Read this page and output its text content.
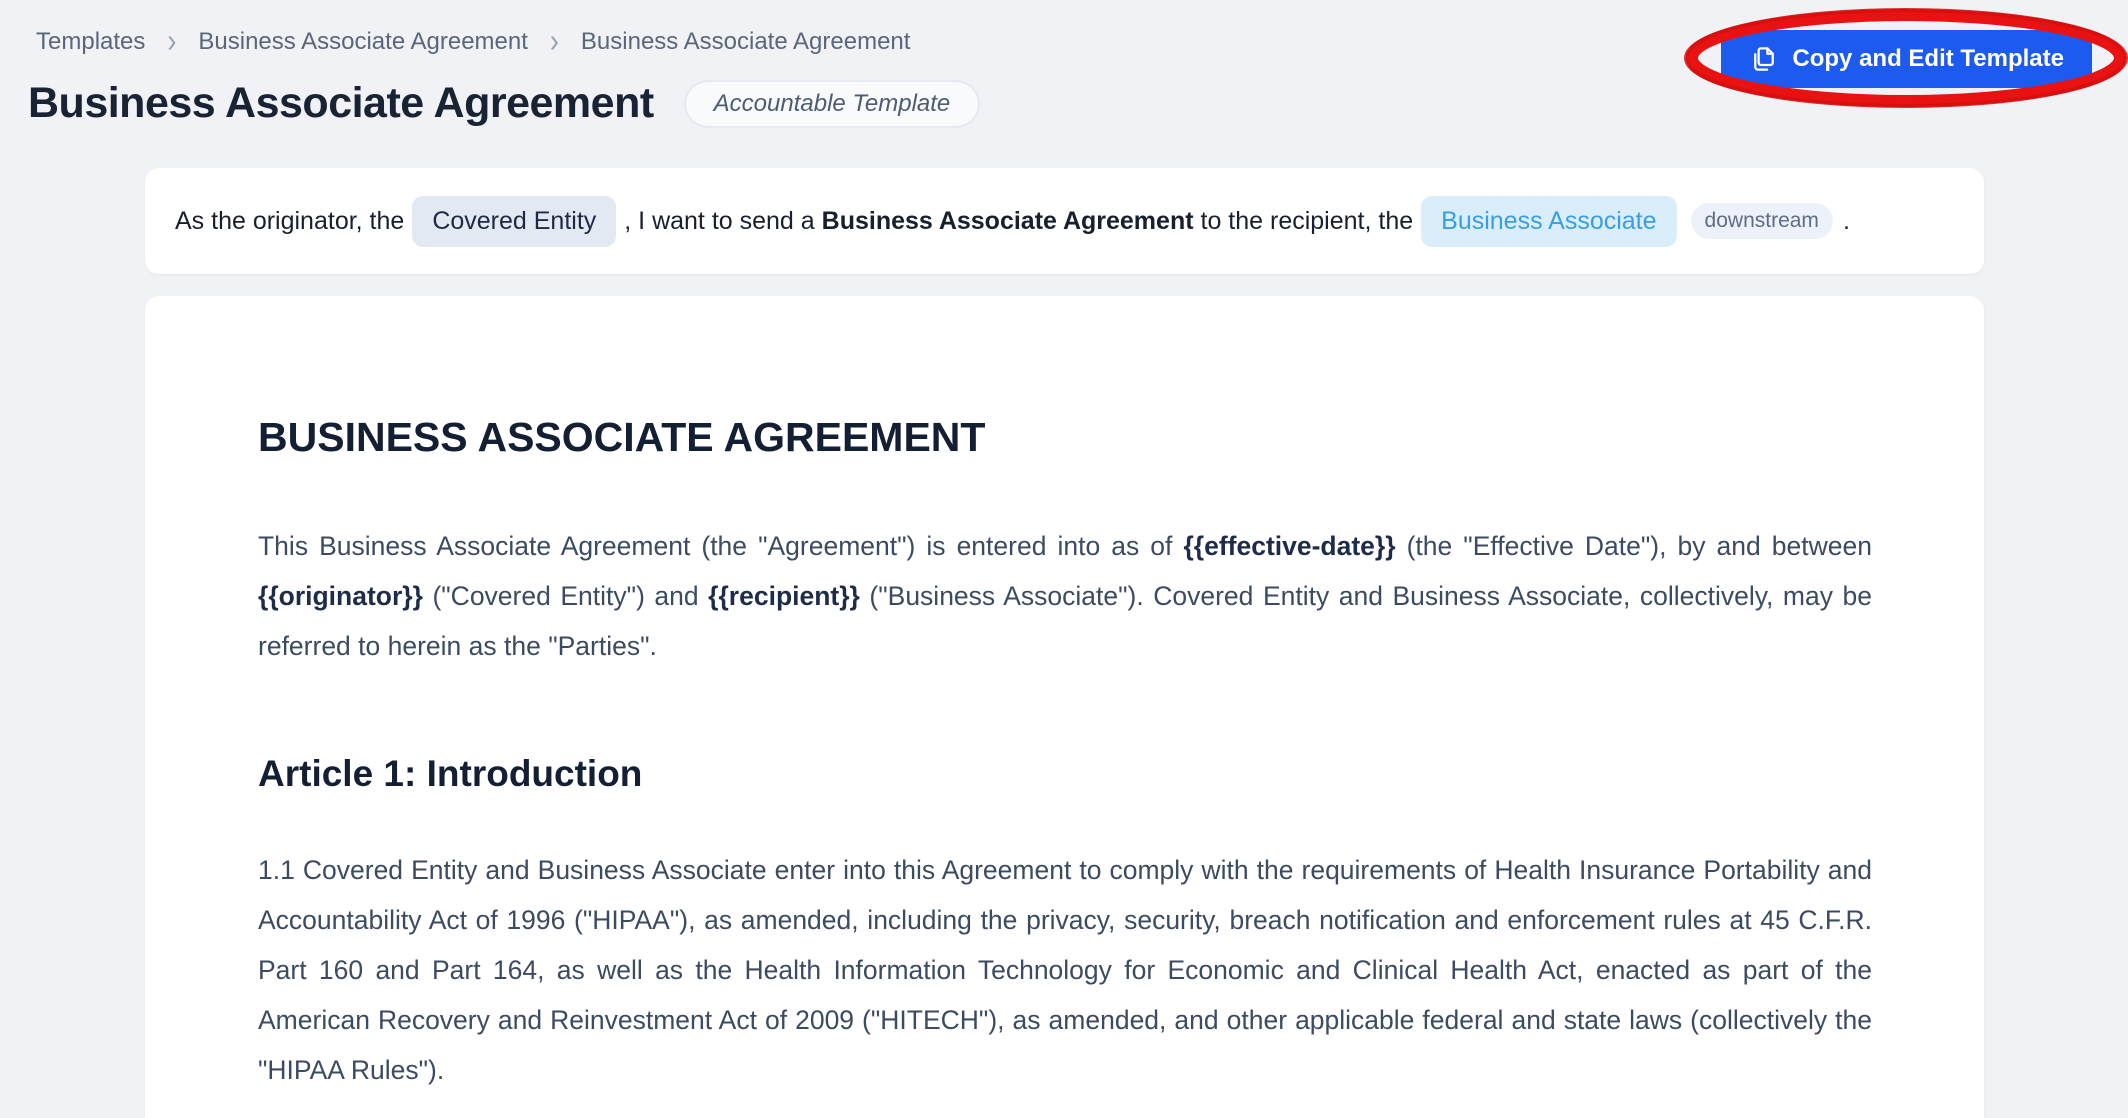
Templates › Business Associate Agreement › Business Associate Agreement
Business Associate Agreement	Accountable Template
Copy and Edit Template
As the originator, the	Covered Entity	, I want to send a
Business Associate Agreement
to the recipient, the	Business Associate	downstream .
BUSINESS ASSOCIATE AGREEMENT

This Business Associate Agreement (the "Agreement") is entered into as of {{effective-date}} (the "Effective Date"), by and between {{originator}} ("Covered Entity") and {{recipient}} ("Business Associate"). Covered Entity and Business Associate, collectively, may be referred to herein as the "Parties".

Article 1: Introduction

1.1 Covered Entity and Business Associate enter into this Agreement to comply with the requirements of Health Insurance Portability and Accountability Act of 1996 ("HIPAA"), as amended, including the privacy, security, breach notification and enforcement rules at 45 C.F.R. Part 160 and Part 164, as well as the Health Information Technology for Economic and Clinical Health Act, enacted as part of the American Recovery and Reinvestment Act of 2009 ("HITECH"), as amended, and other applicable federal and state laws (collectively the "HIPAA Rules").
